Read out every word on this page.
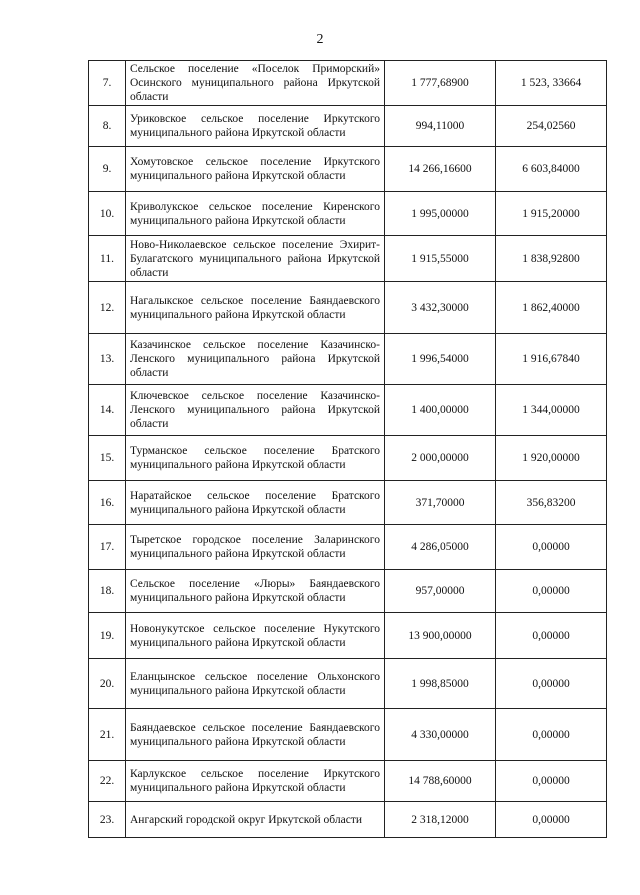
2
7.	Сельское поселение «Поселок Приморский» Осинского муниципального района Иркутской области	1 777,68900	1 523, 33664
8.	Уриковское сельское поселение Иркутского муниципального района Иркутской области	994,11000	254,02560
9.	Хомутовское сельское поселение Иркутского муниципального района Иркутской области	14 266,16600	6 603,84000
10.	Криволукское сельское поселение Киренского муниципального района Иркутской области	1 995,00000	1 915,20000
11.	Ново-Николаевское сельское поселение Эхирит-Булагатского муниципального района Иркутской области	1 915,55000	1 838,92800
12.	Нагалыкское сельское поселение Баяндаевского муниципального района Иркутской области	3 432,30000	1 862,40000
13.	Казачинское сельское поселение Казачинско-Ленского муниципального района Иркутской области	1 996,54000	1 916,67840
14.	Ключевское сельское поселение Казачинско-Ленского муниципального района Иркутской области	1 400,00000	1 344,00000
15.	Турманское сельское поселение Братского муниципального района Иркутской области	2 000,00000	1 920,00000
16.	Наратайское сельское поселение Братского муниципального района Иркутской области	371,70000	356,83200
17.	Тыретское городское поселение Заларинского муниципального района Иркутской области	4 286,05000	0,00000
18.	Сельское поселение «Люры» Баяндаевского муниципального района Иркутской области	957,00000	0,00000
19.	Новонукутское сельское поселение Нукутского муниципального района Иркутской области	13 900,00000	0,00000
20.	Еланцынское сельское поселение Ольхонского муниципального района Иркутской области	1 998,85000	0,00000
21.	Баяндаевское сельское поселение Баяндаевского муниципального района Иркутской области	4 330,00000	0,00000
22.	Карлукское сельское поселение Иркутского муниципального района Иркутской области	14 788,60000	0,00000
23.	Ангарский городской округ Иркутской области	2 318,12000	0,00000
